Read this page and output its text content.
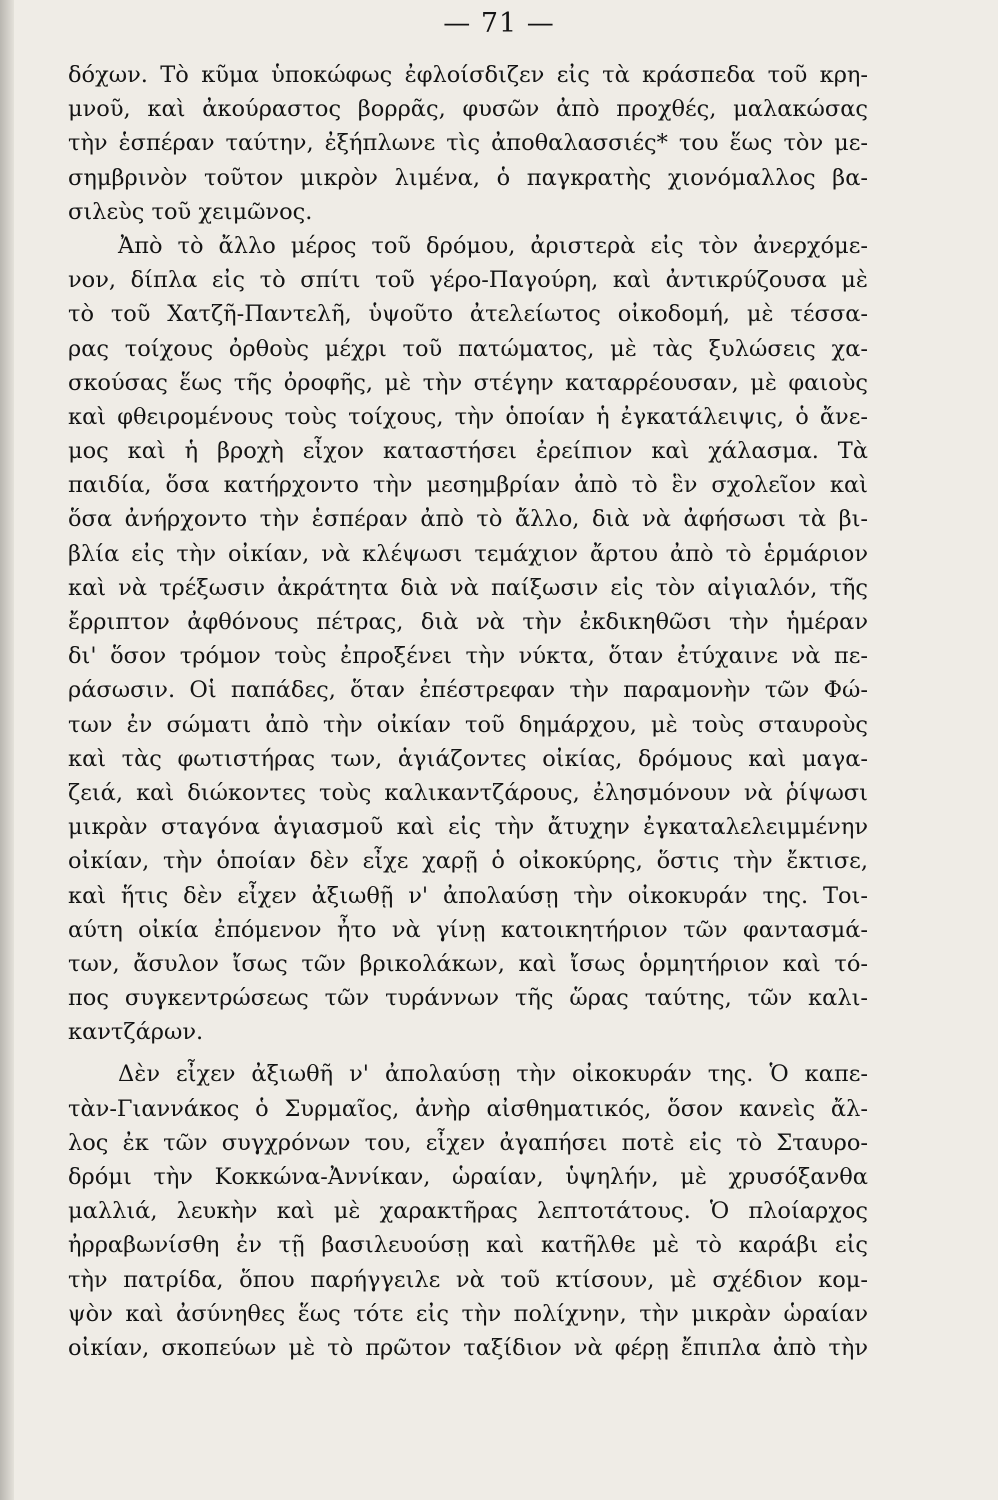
— 71 —
δόχων. Τὸ κῦμα ὑποκώφως ἐφλοίσδιζεν εἰς τὰ κράσπεδα τοῦ κρη-
μνοῦ, καὶ ἀκούραστος βορρᾶς, φυσῶν ἀπὸ προχθές, μαλακώσας
τὴν ἑσπέραν ταύτην, ἐξήπλωνε τὶς ἀποθαλασσιές* του ἕως τὸν με-
σημβρινὸν τοῦτον μικρὸν λιμένα, ὁ παγκρατὴς χιονόμαλλος βα-
σιλεὺς τοῦ χειμῶνος.
Ἀπὸ τὸ ἄλλο μέρος τοῦ δρόμου, ἀριστερὰ εἰς τὸν ἀνερχόμε-
νον, δίπλα εἰς τὸ σπίτι τοῦ γέρο-Παγούρη, καὶ ἀντικρύζουσα μὲ
τὸ τοῦ Χατζῆ-Παντελῆ, ὑψοῦτο ἀτελείωτος οἰκοδομή, μὲ τέσσα-
ρας τοίχους ὀρθοὺς μέχρι τοῦ πατώματος, μὲ τὰς ξυλώσεις χα-
σκούσας ἕως τῆς ὀροφῆς, μὲ τὴν στέγην καταρρέουσαν, μὲ φαιοὺς
καὶ φθειρομένους τοὺς τοίχους, τὴν ὁποίαν ἡ ἐγκατάλειψις, ὁ ἄνε-
μος καὶ ἡ βροχὴ εἶχον καταστήσει ἐρείπιον καὶ χάλασμα. Τὰ
παιδία, ὅσα κατήρχοντο τὴν μεσημβρίαν ἀπὸ τὸ ἓν σχολεῖον καὶ
ὅσα ἀνήρχοντο τὴν ἑσπέραν ἀπὸ τὸ ἄλλο, διὰ νὰ ἀφήσωσι τὰ βι-
βλία εἰς τὴν οἰκίαν, νὰ κλέψωσι τεμάχιον ἄρτου ἀπὸ τὸ ἑρμάριον
καὶ νὰ τρέξωσιν ἀκράτητα διὰ νὰ παίξωσιν εἰς τὸν αἰγιαλόν, τῆς
ἔρριπτον ἀφθόνους πέτρας, διὰ νὰ τὴν ἐκδικηθῶσι τὴν ἡμέραν
δι' ὅσον τρόμον τοὺς ἐπροξένει τὴν νύκτα, ὅταν ἐτύχαινε νὰ πε-
ράσωσιν. Οἱ παπάδες, ὅταν ἐπέστρεφαν τὴν παραμονὴν τῶν Φώ-
των ἐν σώματι ἀπὸ τὴν οἰκίαν τοῦ δημάρχου, μὲ τοὺς σταυροὺς
καὶ τὰς φωτιστήρας των, ἁγιάζοντες οἰκίας, δρόμους καὶ μαγα-
ζειά, καὶ διώκοντες τοὺς καλικαντζάρους, ἐλησμόνουν νὰ ῥίψωσι
μικρὰν σταγόνα ἁγιασμοῦ καὶ εἰς τὴν ἄτυχην ἐγκαταλελειμμένην
οἰκίαν, τὴν ὁποίαν δὲν εἶχε χαρῇ ὁ οἰκοκύρης, ὅστις τὴν ἔκτισε,
καὶ ἥτις δὲν εἶχεν ἀξιωθῇ ν' ἀπολαύσῃ τὴν οἰκοκυράν της. Τοι-
αύτη οἰκία ἐπόμενον ἦτο νὰ γίνῃ κατοικητήριον τῶν φαντασμά-
των, ἄσυλον ἴσως τῶν βρικολάκων, καὶ ἴσως ὁρμητήριον καὶ τό-
πος συγκεντρώσεως τῶν τυράννων τῆς ὥρας ταύτης, τῶν καλι-
καντζάρων.
Δὲν εἶχεν ἀξιωθῆ ν' ἀπολαύσῃ τὴν οἰκοκυράν της. Ὁ καπε-
τὰν-Γιαννάκος ὁ Συρμαῖος, ἀνὴρ αἰσθηματικός, ὅσον κανεὶς ἄλ-
λος ἐκ τῶν συγχρόνων του, εἶχεν ἀγαπήσει ποτὲ εἰς τὸ Σταυρο-
δρόμι τὴν Κοκκώνα-Ἀννίκαν, ὡραίαν, ὑψηλήν, μὲ χρυσόξανθα
μαλλιά, λευκὴν καὶ μὲ χαρακτῆρας λεπτοτάτους. Ὁ πλοίαρχος
ἠρραβωνίσθη ἐν τῇ βασιλευούσῃ καὶ κατῆλθε μὲ τὸ καράβι εἰς
τὴν πατρίδα, ὅπου παρήγγειλε νὰ τοῦ κτίσουν, μὲ σχέδιον κομ-
ψὸν καὶ ἀσύνηθες ἕως τότε εἰς τὴν πολίχνην, τὴν μικρὰν ὡραίαν
οἰκίαν, σκοπεύων μὲ τὸ πρῶτον ταξίδιον νὰ φέρῃ ἔπιπλα ἀπὸ τὴν
